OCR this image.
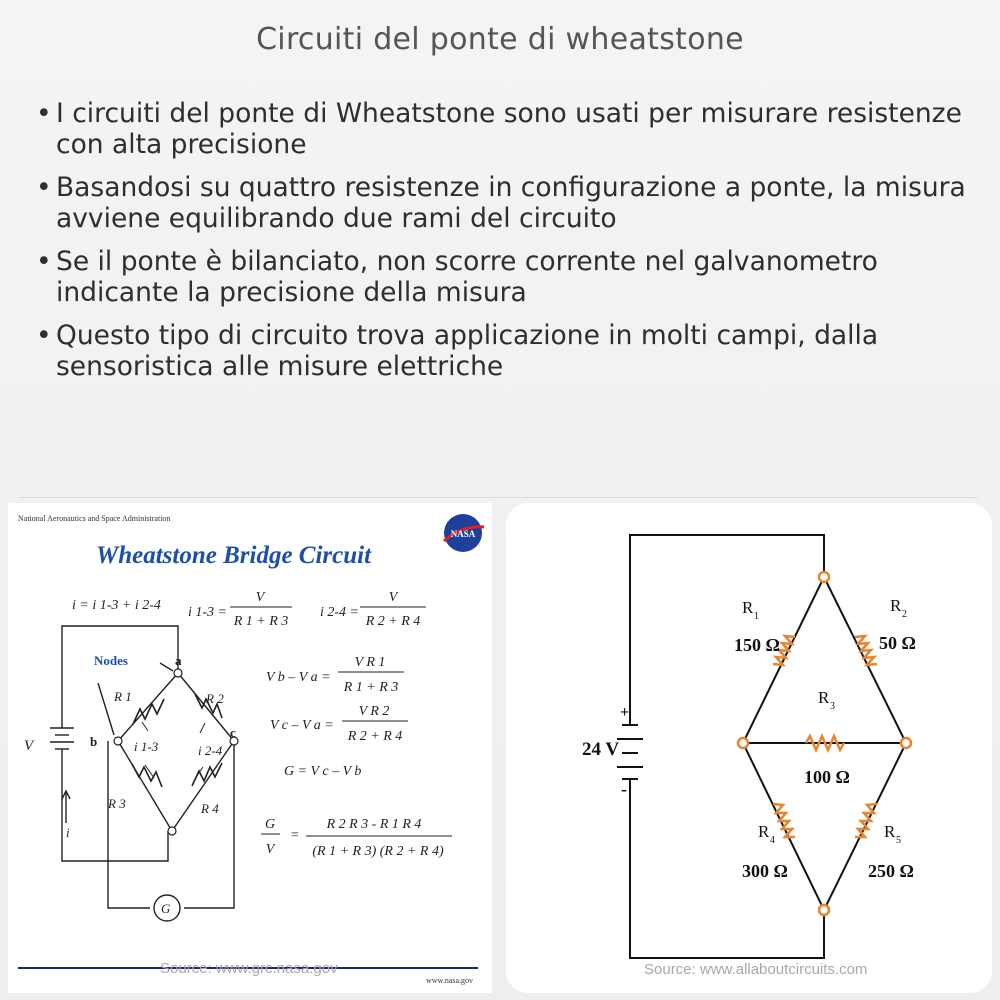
Circuiti del ponte di wheatstone
• I circuiti del ponte di Wheatstone sono usati per misurare resistenze con alta precisione
• Basandosi su quattro resistenze in configurazione a ponte, la misura avviene equilibrando due rami del circuito
• Se il ponte è bilanciato, non scorre corrente nel galvanometro indicante la precisione della misura
• Questo tipo di circuito trova applicazione in molti campi, dalla sensoristica alle misure elettriche
National Aeronautics and Space Administration
NASA
Wheatstone Bridge Circuit
i = i 1-3 + i 2-4 i 1-3 =
V
R 1 + R 3
i 2-4 =
V
R 2 + R 4
V b – V a =
V R 1
R 1 + R 3
V c – V a =
V R 2
R 2 + R 4
G = V c – V b
G
V
=
R 2 R 3 - R 1 R 4
(R 1 + R 3) (R 2 + R 4)
Nodes	a
b
c
V
i
R 1	R 2
R 3	R 4
i 1-3	i 2-4
G
www.nasa.gov
Source: www.grc.nasa.gov
24 V
+
-
R 1
150 Ω
R 2
50 Ω
R 3
100 Ω
R 4
300 Ω
R 5
250 Ω
Source: www.allaboutcircuits.com
